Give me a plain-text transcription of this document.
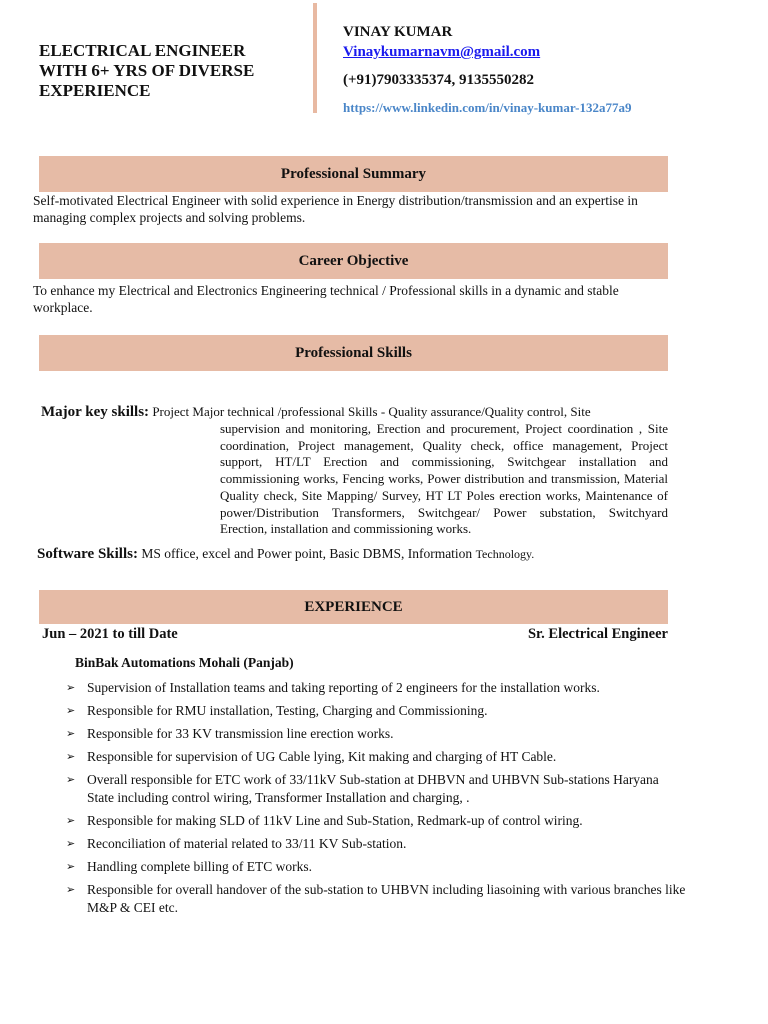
ELECTRICAL ENGINEER
WITH 6+ YRS OF DIVERSE
EXPERIENCE
VINAY KUMAR
Vinaykumarnavm@gmail.com
(+91)7903335374, 9135550282
https://www.linkedin.com/in/vinay-kumar-132a77a9
Professional Summary
Self-motivated Electrical Engineer with solid experience in Energy distribution/transmission and an expertise in managing complex projects and solving problems.
Career Objective
To enhance my Electrical and Electronics Engineering technical / Professional skills in a dynamic and stable workplace.
Professional Skills
Major key skills: Project Major technical /professional Skills - Quality assurance/Quality control, Site
supervision and monitoring, Erection and procurement, Project coordination , Site coordination, Project management, Quality check, office management, Project support, HT/LT Erection and commissioning, Switchgear installation and commissioning works, Fencing works, Power distribution and transmission, Material Quality check, Site Mapping/ Survey, HT LT Poles erection works, Maintenance of power/Distribution Transformers, Switchgear/ Power substation, Switchyard Erection, installation and commissioning works.
Software Skills: MS office, excel and Power point, Basic DBMS, Information Technology.
EXPERIENCE
Jun – 2021 to till Date	Sr. Electrical Engineer
BinBak Automations Mohali (Panjab)
➢ Supervision of Installation teams and taking reporting of 2 engineers for the installation works.
➢ Responsible for RMU installation, Testing, Charging and Commissioning.
➢ Responsible for 33 KV transmission line erection works.
➢ Responsible for supervision of UG Cable lying, Kit making and charging of HT Cable.
➢ Overall responsible for ETC work of 33/11kV Sub-station at DHBVN and UHBVN Sub-stations Haryana State including control wiring, Transformer Installation and charging, .
➢ Responsible for making SLD of 11kV Line and Sub-Station, Redmark-up of control wiring.
➢ Reconciliation of material related to 33/11 KV Sub-station.
➢ Handling complete billing of ETC works.
➢ Responsible for overall handover of the sub-station to UHBVN including liasoining with various branches like M&P & CEI etc.
